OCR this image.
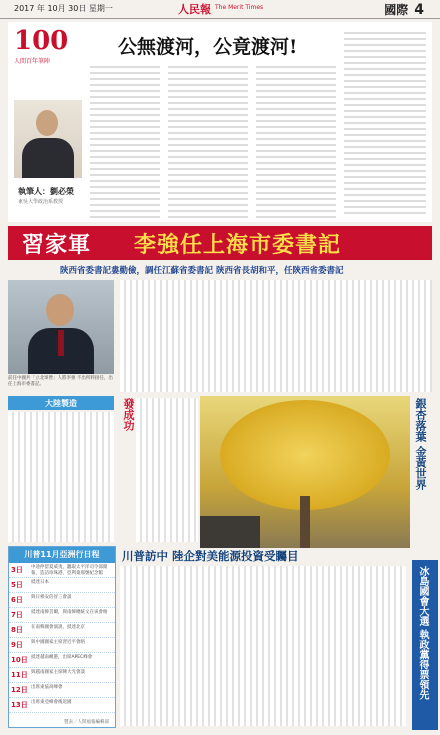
2017 年 10月 30日 星期一	人民報 The Merit Times	國際 4
100
人間百年筆陣
公無渡河，公竟渡河!
執筆人：劉必榮
東吳大學政治系教授
習家軍 李強任上海市委書記
陝西省委書記婁勤儉，調任江蘇省委書記 陝西省長胡和平，任陝西省委書記
前任中國共「立北軍營」人將李強 不出所料接任，出任上海市委書記。
大陸製造	發成功	銀杏落葉 金黃世界
川普11月亞洲行日程
3日 中途停留夏威夷，聽取太平洋司令部簡報，造訪珍珠港、亞利桑那號紀念館
5日 抵達日本
6日 與日相安倍晉三會談
7日 抵達南韓首爾，與南韓總統文在寅會晤
8日 在南韓國會演說，抵達北京
9日 與中國國家主席習近平會晤
10日 抵達越南峴港，出席APEC峰會
11日 與越南國家主席陳大光會談
12日 出席東協高峰會
13日 出席東亞峰會後返國
製表／人間福報編輯部
川普訪中 陸企對美能源投資受矚目
冰島國會大選 執政黨得票領先
